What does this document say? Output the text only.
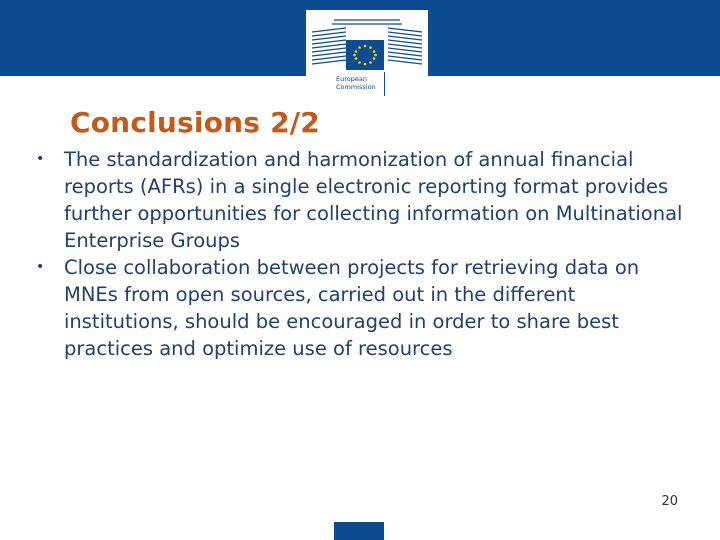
European
Commission
Conclusions 2/2
• The standardization and harmonization of annual financial reports (AFRs) in a single electronic reporting format provides further opportunities for collecting information on Multinational Enterprise Groups
• Close collaboration between projects for retrieving data on MNEs from open sources, carried out in the different institutions, should be encouraged in order to share best practices and optimize use of resources
20
